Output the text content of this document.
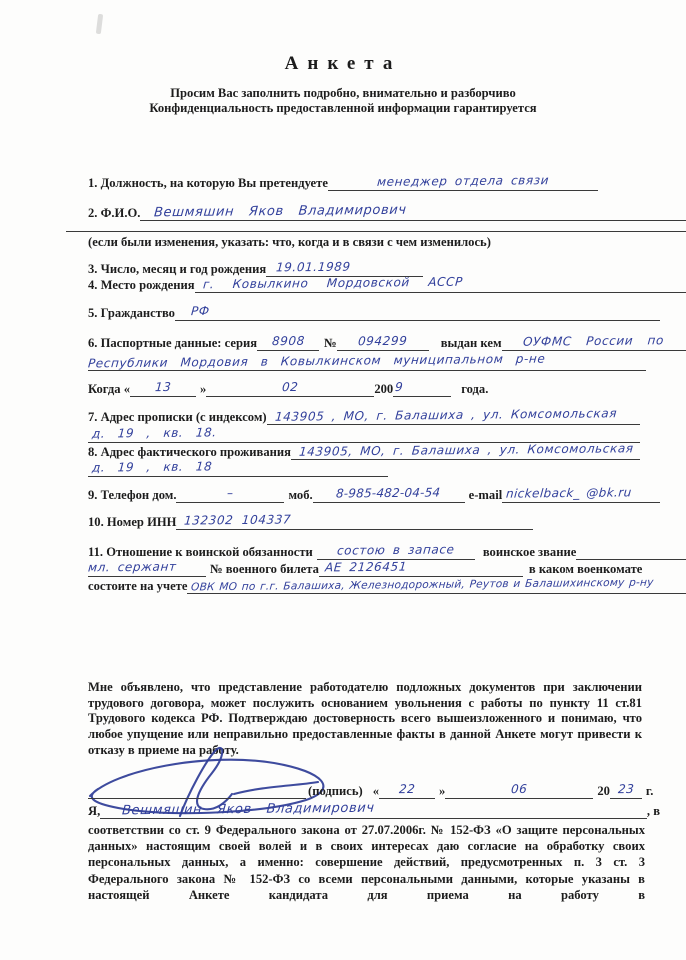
Анкета
Просим Вас заполнить подробно, внимательно и разборчиво
Конфиденциальность предоставленной информации гарантируется
1. Должность, на которую Вы претендуете	менеджер отдела связи
2. Ф.И.О.	Вешмяшин Яков Владимирович
(если были изменения, указать: что, когда и в связи с чем изменилось)
3. Число, месяц и год рождения 19.01.1989
4. Место рождения г. Ковылкино Мордовской АССР
5. Гражданство	РФ
6. Паспортные данные: серия	8908	№	094299	выдан кем	ОУФМС России по
Республики Мордовия в Ковылкинском муниципальном р-не
Когда «	13	»	02	200 9	года.
7. Адрес прописки (с индексом) 143905 , МО, г. Балашиха , ул. Комсомольская
д. 19 , кв. 18.
8. Адрес фактического проживания 143905, МО, г. Балашиха , ул. Комсомольская
д. 19 , кв. 18
9. Телефон дом.	–	моб.	8-985-482-04-54	e-mail nickelback_ @bk.ru
10. Номер ИНН 132302 104337
11. Отношение к воинской обязанности	состою в запасе	воинское звание
мл. сержант	№ военного билета АЕ 2126451	в каком военкомате
состоите на учете ОВК МО по г.г. Балашиха, Железнодорожный, Реутов и Балашихинскому р-ну
Мне объявлено, что представление работодателю подложных документов при заключении трудового договора, может послужить основанием увольнения с работы по пункту 11 ст.81 Трудового кодекса РФ. Подтверждаю достоверность всего вышеизложенного и понимаю, что любое упущение или неправильно предоставленные факты в данной Анкете могут привести к отказу в приеме на работу.
(подпись) «	22	»	06	20 23 г.
Я,	Вешмяшин Яков Владимирович	, в
соответствии со ст. 9 Федерального закона от 27.07.2006г. № 152-ФЗ «О защите персональных данных» настоящим своей волей и в своих интересах даю согласие на обработку своих персональных данных, а именно: совершение действий, предусмотренных п. 3 ст. 3 Федерального закона № 152-ФЗ со всеми персональными данными, которые указаны в настоящей Анкете кандидата для приема на работу в
